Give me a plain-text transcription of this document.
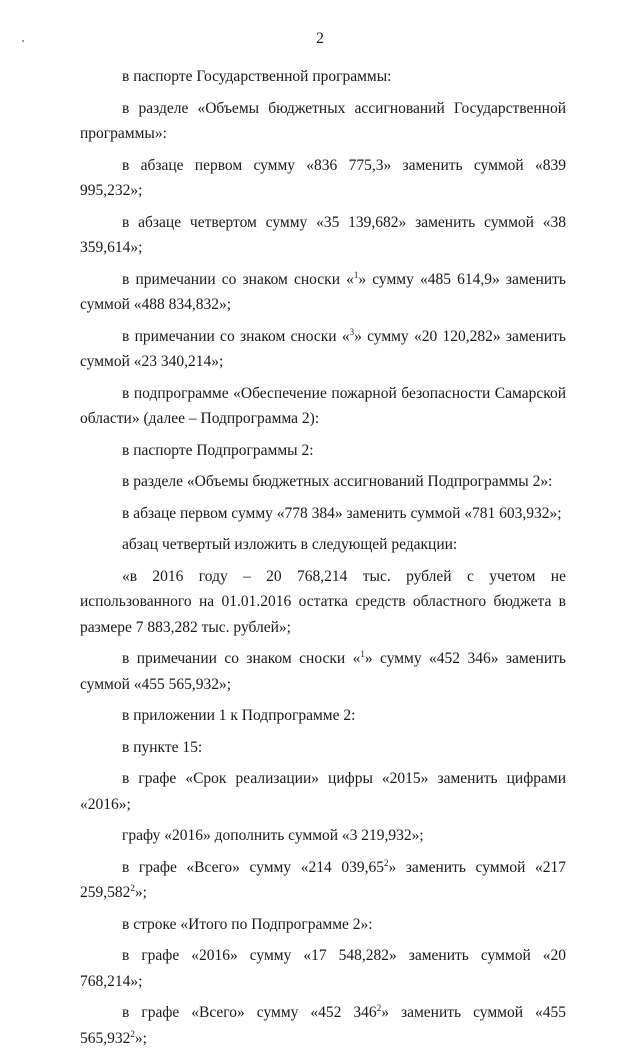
2

в паспорте Государственной программы:

в разделе «Объемы бюджетных ассигнований Государственной программы»:

в абзаце первом сумму «836 775,3» заменить суммой «839 995,232»;

в абзаце четвертом сумму «35 139,682» заменить суммой «38 359,614»;

в примечании со знаком сноски «$^1$» сумму «485 614,9» заменить суммой «488 834,832»;

в примечании со знаком сноски «$^3$» сумму «20 120,282» заменить суммой «23 340,214»;

в подпрограмме «Обеспечение пожарной безопасности Самарской области» (далее – Подпрограмма 2):

в паспорте Подпрограммы 2:

в разделе «Объемы бюджетных ассигнований Подпрограммы 2»:

в абзаце первом сумму «778 384» заменить суммой «781 603,932»;

абзац четвертый изложить в следующей редакции:

«в 2016 году – 20 768,214 тыс. рублей с учетом не использованного на 01.01.2016 остатка средств областного бюджета в размере 7 883,282 тыс. рублей»;

в примечании со знаком сноски «$^1$» сумму «452 346» заменить суммой «455 565,932»;

в приложении 1 к Подпрограмме 2:

в пункте 15:

в графе «Срок реализации» цифры «2015» заменить цифрами «2016»;

графу «2016» дополнить суммой «3 219,932»;

в графе «Всего» сумму «214 039,65$^2$» заменить суммой «217 259,582$^2$»;

в строке «Итого по Подпрограмме 2»:

в графе «2016» сумму «17 548,282» заменить суммой «20 768,214»;

в графе «Всего» сумму «452 $346^2$» заменить суммой «455 565,932$^2$»;
